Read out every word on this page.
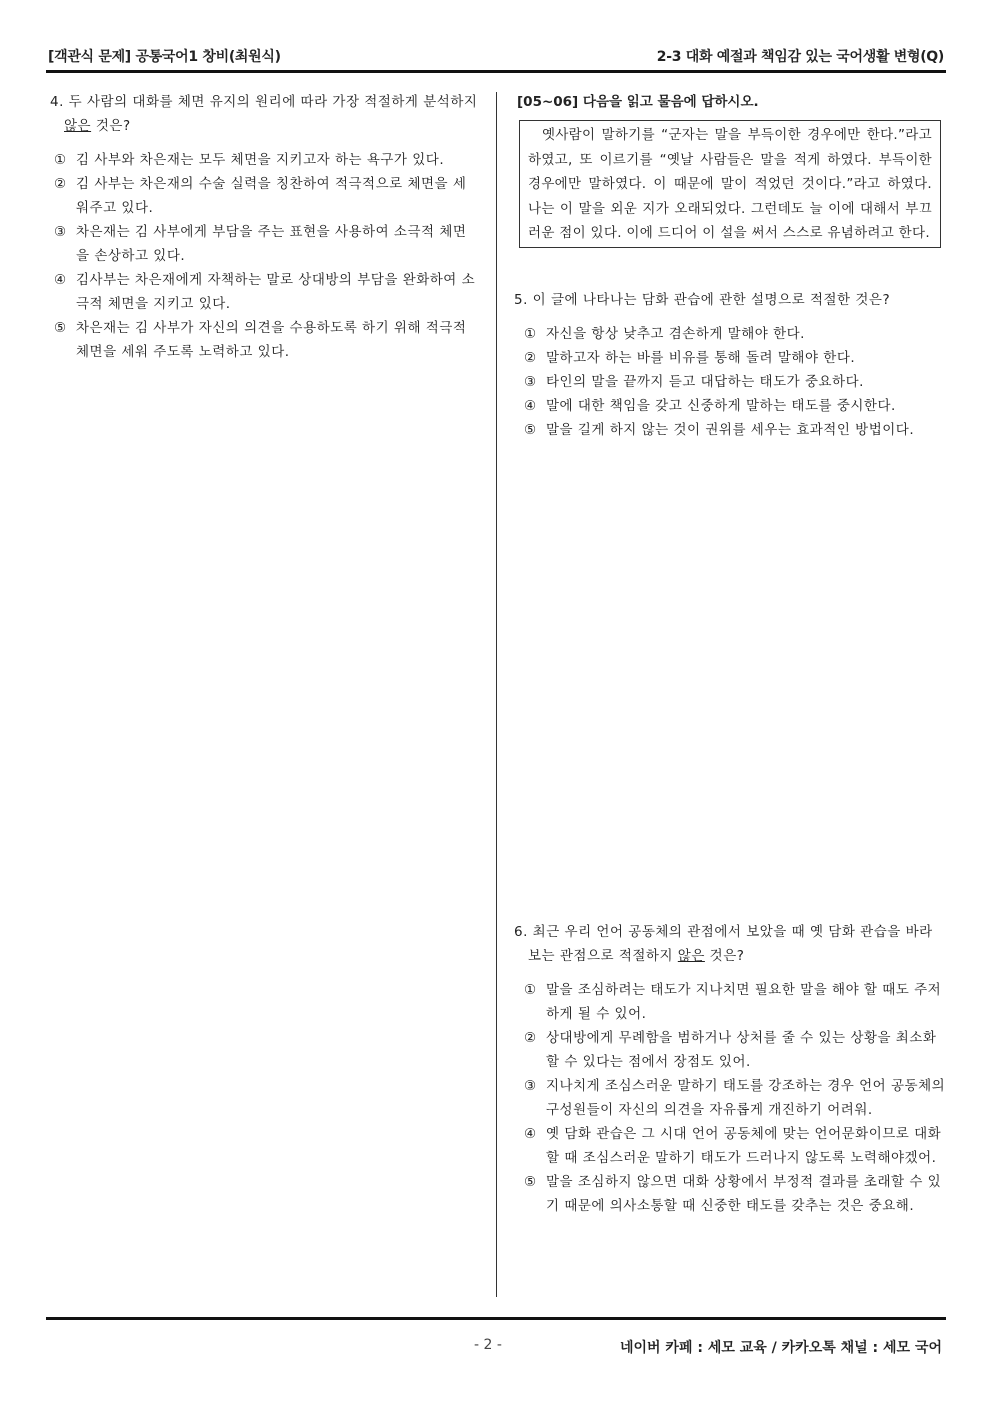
[객관식 문제] 공통국어1 창비(최원식)	2-3 대화 예절과 책임감 있는 국어생활 변형(Q)
4. 두 사람의 대화를 체면 유지의 원리에 따라 가장 적절하게 분석하지 않은 것은?
① 김 사부와 차은재는 모두 체면을 지키고자 하는 욕구가 있다.
② 김 사부는 차은재의 수술 실력을 칭찬하여 적극적으로 체면을 세워주고 있다.
③ 차은재는 김 사부에게 부담을 주는 표현을 사용하여 소극적 체면을 손상하고 있다.
④ 김사부는 차은재에게 자책하는 말로 상대방의 부담을 완화하여 소극적 체면을 지키고 있다.
⑤ 차은재는 김 사부가 자신의 의견을 수용하도록 하기 위해 적극적 체면을 세워 주도록 노력하고 있다.
[05~06] 다음을 읽고 물음에 답하시오.

옛사람이 말하기를 “군자는 말을 부득이한 경우에만 한다.”라고 하였고, 또 이르기를 “옛날 사람들은 말을 적게 하였다. 부득이한 경우에만 말하였다. 이 때문에 말이 적었던 것이다.”라고 하였다. 나는 이 말을 외운 지가 오래되었다. 그런데도 늘 이에 대해서 부끄러운 점이 있다. 이에 드디어 이 설을 써서 스스로 유념하려고 한다.

5. 이 글에 나타나는 담화 관습에 관한 설명으로 적절한 것은?
① 자신을 항상 낮추고 겸손하게 말해야 한다.
② 말하고자 하는 바를 비유를 통해 돌려 말해야 한다.
③ 타인의 말을 끝까지 듣고 대답하는 태도가 중요하다.
④ 말에 대한 책임을 갖고 신중하게 말하는 태도를 중시한다.
⑤ 말을 길게 하지 않는 것이 권위를 세우는 효과적인 방법이다.
6. 최근 우리 언어 공동체의 관점에서 보았을 때 옛 담화 관습을 바라보는 관점으로 적절하지 않은 것은?
① 말을 조심하려는 태도가 지나치면 필요한 말을 해야 할 때도 주저하게 될 수 있어.
② 상대방에게 무례함을 범하거나 상처를 줄 수 있는 상황을 최소화할 수 있다는 점에서 장점도 있어.
③ 지나치게 조심스러운 말하기 태도를 강조하는 경우 언어 공동체의 구성원들이 자신의 의견을 자유롭게 개진하기 어려워.
④ 옛 담화 관습은 그 시대 언어 공동체에 맞는 언어문화이므로 대화할 때 조심스러운 말하기 태도가 드러나지 않도록 노력해야겠어.
⑤ 말을 조심하지 않으면 대화 상황에서 부정적 결과를 초래할 수 있기 때문에 의사소통할 때 신중한 태도를 갖추는 것은 중요해.
- 2 -	네이버 카페 : 세모 교육 / 카카오톡 채널 : 세모 국어
